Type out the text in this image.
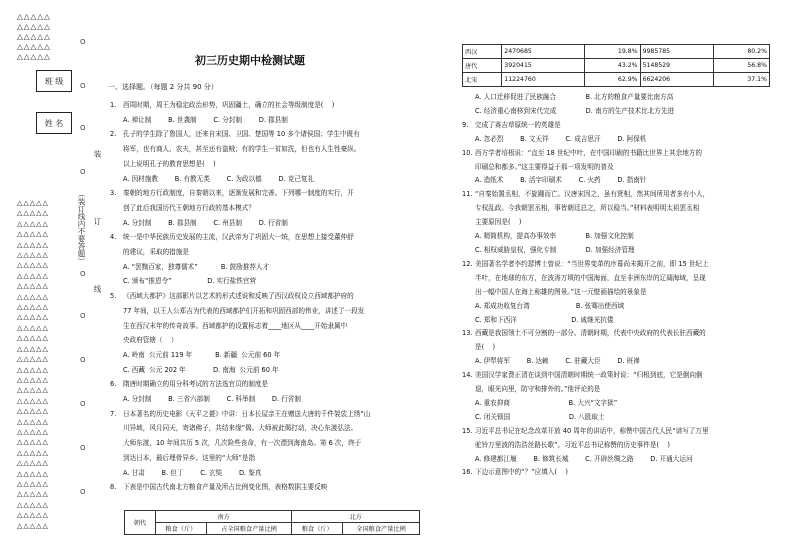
△△△△△
△△△△△
△△△△△
△△△△△
△△△△△
班 级
姓 名
△△△△△
△△△△△
△△△△△
△△△△△
△△△△△
△△△△△
△△△△△
△△△△△
△△△△△
△△△△△
△△△△△
△△△△△
△△△△△
△△△△△
△△△△△
△△△△△
△△△△△
△△△△△
△△△△△
△△△△△
△△△△△
△△△△△
△△△△△
△△△△△
△△△△△
△△△△△
△△△△△
△△△△△
△△△△△
△△△△△
△△△△△
△△△△△
O
O
O
O
O
O
O
O
O
O
（装订线内不要答题） 装订线
初三历史期中检测试题
一、选择题。（每题 2 分共 90 分）
1.	西周时期，周王为稳定政治形势，巩固疆土，确立的社会等级制度是(    )
A. 禅让制        B. 世袭制        C. 分封制        D. 郡县制
2.	孔子的学生除了鲁国人，还来自宋国、卫国、楚国等 10 多个诸侯国；学生中既有
将军，也有商人、农夫，甚至还有盗贼；有的学生一贫如洗，但也有人生性豪纵。
以上说明孔子的教育思想是(    )
A. 因材施教        B. 有教无类        C. 为政以德        D. 克己复礼
3.	秦朝的地方行政制度，自秦朝以来，逐渐发展和完善。下列哪一制度的实行，开
创了此后我国历代王朝地方行政的基本模式？
A. 分封制        B. 郡县制        C. 州县制        D. 行省制
4.	统一是中华民族历史发展的主流，汉武帝为了巩固大一统，在思想上接受董仲舒
的建议，采取的措施是
A. “罢黜百家，独尊儒术”           B. 鼓励推荐人才
C. 颁布“推恩令”                 D. 实行盐铁官营
5.	《西域大都护》这部影片以艺术的形式述说和反映了西汉政权设立西域都护府的
77 年间，以王人公郑吉为代表的西域都护们开拓和巩固西部的伟业，讲述了一段发
生在西汉末年的传奇故事。西域都护的设置标志着____地区从____开始隶属中
央政府管辖（    ）
A. 岭南  公元前 119 年           B. 新疆  公元前 60 年
C. 西藏  公元 202 年             D. 南海  公元前 60 年
6.	隋唐时期确立的用分科考试的方法选官员的制度是
A. 分封制        B. 三省六部制        C. 科举制        D. 行省制
7.	日本著名的历史电影《天平之甍》中讲：日本长屋亲王在赠送大唐的千件袈裟上绣“山
川异域，风月同天，寄诸佛子，共结来缘”偈。大师被此偈打动，决心东渡弘法。
大师东渡，10 年间共历 5 次，几次险些丧命，有一次漂到海南岛。第 6 次，终于
到达日本，最后埋骨异乡。这里的“大师”是指
A. 甘肃        B. 但丁        C. 玄奘        D. 鉴真
8.	下表是中国古代南北方粮食产量及所占比例变化图，表格数据主要反映
朝代	南方		北方	
	粮食（斤）	占全国粮食产量比例	粮食（斤）	全国粮食产量比例
西汉	2470685	19.8%	9985785	80.2%
唐代	3920415	43.2%	5148529	56.8%
北宋	11224760	62.9%	6624206	37.1%
A. 人口迁移促进了民族融合              B. 北方的粮食产量要比南方高
C. 经济重心南移到宋代完成              D. 南方的生产技术比北方先进
9.	完成了赛吉草原统一的英雄是
A. 忽必烈        B. 文天祥        C. 成吉思汗        D. 阿保机
10. 西方学者培根说：“直至 18 世纪中叶，在中国印刷的书籍比世界上其余地方的
印刷总和都多。”这主要得益于那一项发明的普及
A. 造纸术        B. 活字印刷术        C. 火药        D. 指南针
11. “自秦始置丞相，不旋踵而亡。汉唐宋因之，虽有贤相，然其间所用者多有小人，
专权乱政。今我朝罢丞相，事皆朝廷总之，所以稳当。”材料表明明太祖罢丞相
主要原因是(    )
A. 精简机构，提高办事效率              B. 加强文化控制
C. 相权威胁皇权，强化专制              D. 加强经济管理
12. 美国著名学者李约瑟博士曾说：“当世界变革的序幕尚未揭开之前，即 15 世纪上
半叶，在地球的东方，在波涛万顷的中国海面，直至非洲东岸的辽阔海域，呈现
出一幅中国人在海上称雄的图景。”这一元壁画描绘的景象是
A. 郑成功收复台湾                      B. 张骞出使西域
C. 郑和下西洋                          D. 戚继光抗倭
13. 西藏是我国领土不可分割的一部分。清朝时期，代表中央政府的代表长驻西藏的
是(    )
A. 伊犁将军        B. 达赖        C. 驻藏大臣        D. 班禅
14. 美国汉学家费正清在谈到中国清朝时期统一政策时说：“归根到底，它是倒向倒
退，眼光向里，防守和排外的。”他评论的是
A. 重农抑商                            B. 大兴“文字狱”
C. 闭关锁国                            D. 八股取士
15. 习近平总书记在纪念改革开放 40 周年的讲话中，称赞中国古代人民“谱写了万里
驼铃万里波的浩浩丝路长歌”。习近平总书记称赞的历史事件是(    )
A. 修建都江堰        B. 修筑长城        C. 开辟丝绸之路        D. 开通大运河
16. 下边示意图中的“？”应填入(    )
